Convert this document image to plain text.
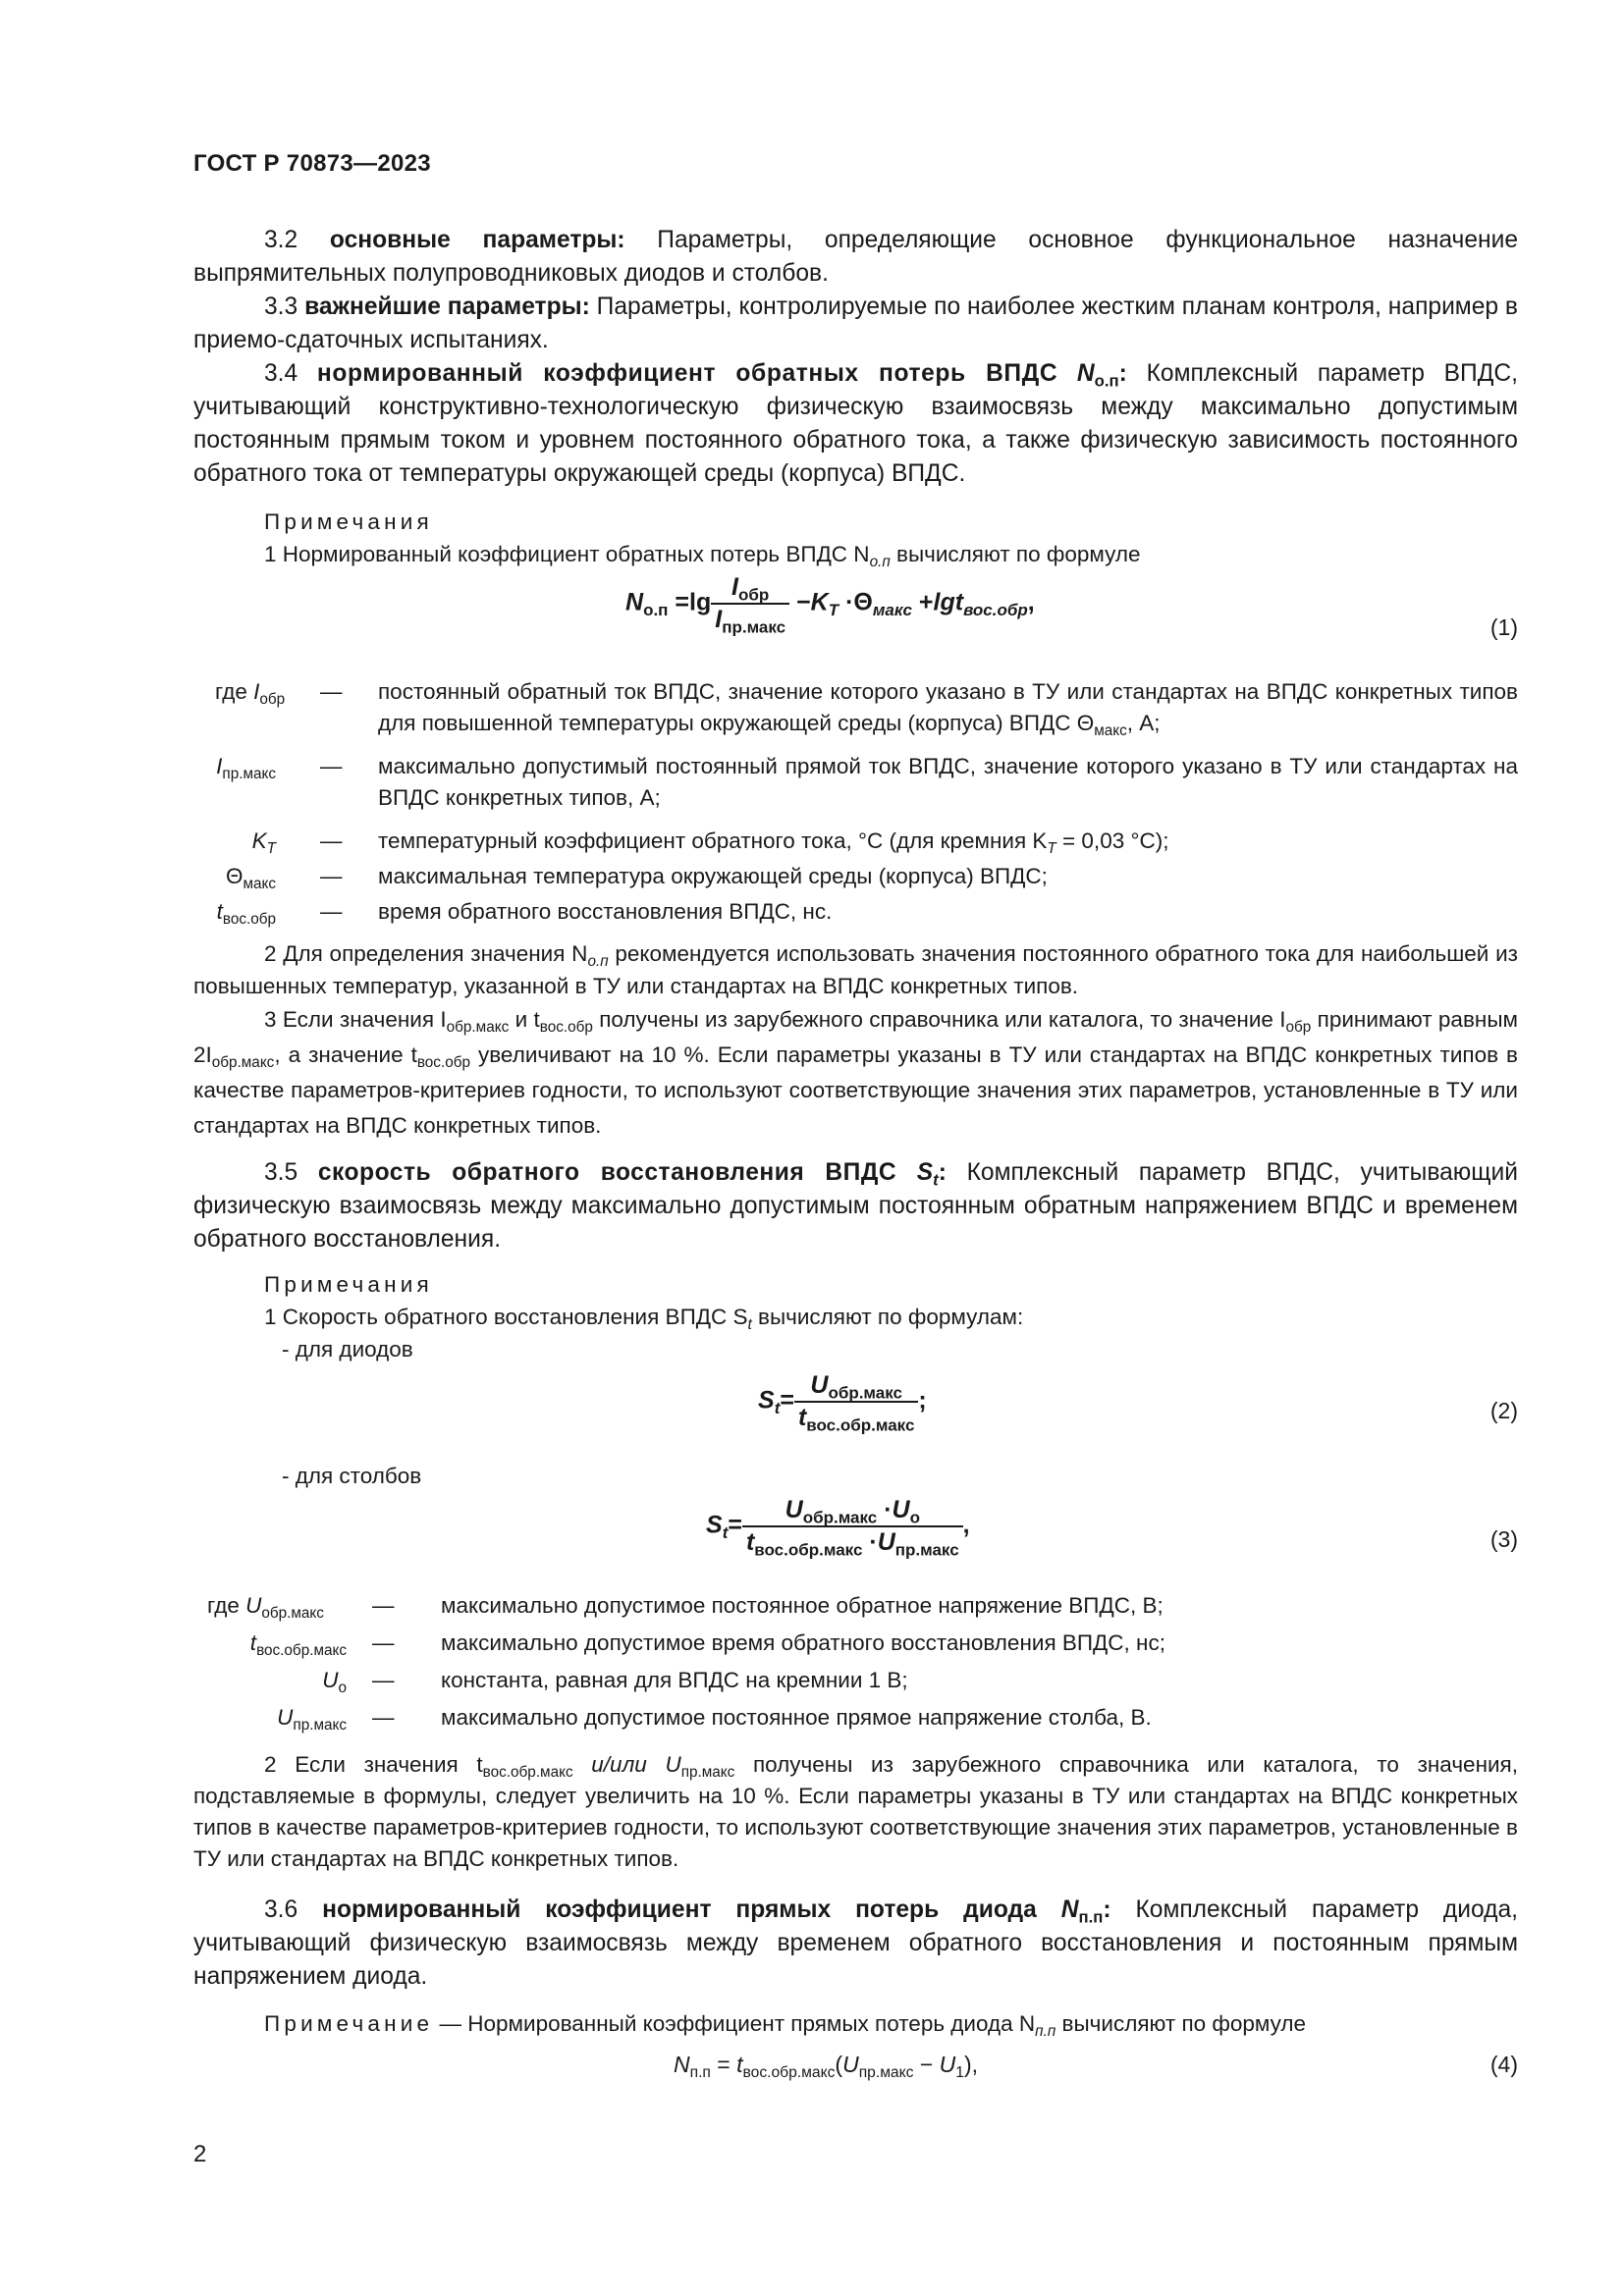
ГОСТ Р 70873—2023

3.2 основные параметры: Параметры, определяющие основное функциональное назначение выпрямительных полупроводниковых диодов и столбов.

3.3 важнейшие параметры: Параметры, контролируемые по наиболее жестким планам контроля, например в приемо-сдаточных испытаниях.

3.4 нормированный коэффициент обратных потерь ВПДС $N_{о.п}$: Комплексный параметр ВПДС, учитывающий конструктивно-технологическую физическую взаимосвязь между максимально допустимым постоянным прямым током и уровнем постоянного обратного тока, а также физическую зависимость постоянного обратного тока от температуры окружающей среды (корпуса) ВПДС.

Примечания

1 Нормированный коэффициент обратных потерь ВПДС $N_{о.п}$ вычисляют по формуле

$N_{о.п} =\lg \frac{I_{обр}}{I_{пр.макс}} -K_T \cdot\Theta_{макс} +\lg t_{вос.обр}$,
(1)
где $I_{обр}$ — постоянный обратный ток ВПДС, значение которого указано в ТУ или стандартах на ВПДС конкретных типов для повышенной температуры окружающей среды (корпуса) ВПДС $\Theta_{макс}$, А;
$I_{пр.макс}$ — максимально допустимый постоянный прямой ток ВПДС, значение которого указано в ТУ или стандартах на ВПДС конкретных типов, А;
$K_T$ — температурный коэффициент обратного тока, °C (для кремния $K_T = 0,03$ °C);
$\Theta_{макс}$ — максимальная температура окружающей среды (корпуса) ВПДС;
$t_{вос.обр}$ — время обратного восстановления ВПДС, нс.

2 Для определения значения $N_{о.п}$ рекомендуется использовать значения постоянного обратного тока для наибольшей из повышенных температур, указанной в ТУ или стандартах на ВПДС конкретных типов.

3 Если значения $I_{обр.макс}$ и $t_{вос.обр}$ получены из зарубежного справочника или каталога, то значение $I_{обр}$ принимают равным $2I_{обр.макс}$, а значение $t_{вос.обр}$ увеличивают на 10 %. Если параметры указаны в ТУ или стандартах на ВПДС конкретных типов в качестве параметров-критериев годности, то используют соответствующие значения этих параметров, установленные в ТУ или стандартах на ВПДС конкретных типов.

3.5 скорость обратного восстановления ВПДС $S_t$: Комплексный параметр ВПДС, учитывающий физическую взаимосвязь между максимально допустимым постоянным обратным напряжением ВПДС и временем обратного восстановления.

Примечания

1 Скорость обратного восстановления ВПДС $S_t$ вычисляют по формулам:

- для диодов

$S_t= \frac{U_{обр.макс}}{t_{вос.обр.макс}}$ ;	(2)

- для столбов

$S_t= \frac{U_{обр.макс} \cdot U_о}{t_{вос.обр.макс} \cdot U_{пр.макс}}$ ,
(3)
где $U_{обр.макс}$ — максимально допустимое постоянное обратное напряжение ВПДС, В;
$t_{вос.обр.макс}$ — максимально допустимое время обратного восстановления ВПДС, нс;
$U_о$ — константа, равная для ВПДС на кремнии 1 В;
$U_{пр.макс}$ — максимально допустимое постоянное прямое напряжение столба, В.

2 Если значения $t_{вос.обр.макс}$ и/или $U_{пр.макс}$ получены из зарубежного справочника или каталога, то значения, подставляемые в формулы, следует увеличить на 10 %. Если параметры указаны в ТУ или стандартах на ВПДС конкретных типов в качестве параметров-критериев годности, то используют соответствующие значения этих параметров, установленные в ТУ или стандартах на ВПДС конкретных типов.

3.6 нормированный коэффициент прямых потерь диода $N_{п.п}$: Комплексный параметр диода, учитывающий физическую взаимосвязь между временем обратного восстановления и постоянным прямым напряжением диода.

Примечание — Нормированный коэффициент прямых потерь диода $N_{п.п}$ вычисляют по формуле

$N_{п.п} = t_{вос.обр.макс}(U_{пр.макс} - U_1)$,	(4)
2
